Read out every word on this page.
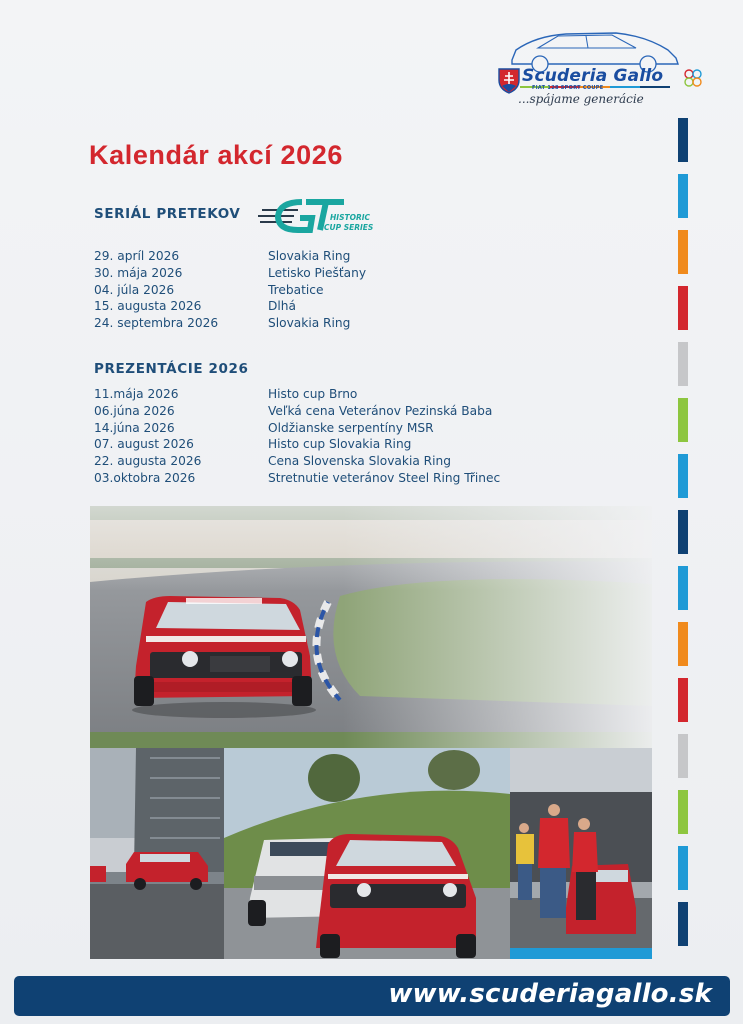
Scuderia Gallo
FIAT 128 SPORT COUPE
...spájame generácie
Kalendár akcí 2026
SERIÁL PRETEKOV	HISTORIC
CUP SERIES
29. apríl 2026	Slovakia Ring
30. mája 2026	Letisko Piešťany
04. júla 2026	Trebatice
15. augusta 2026	Dlhá
24. septembra 2026	Slovakia Ring
PREZENTÁCIE 2026
11.mája 2026	Histo cup Brno
06.júna 2026	Veľká cena Veteránov Pezinská Baba
14.júna 2026	Oldžianske serpentíny MSR
07. august 2026	Histo cup Slovakia Ring
22. augusta 2026	Cena Slovenska Slovakia Ring
03.oktobra 2026	Stretnutie veteránov Steel Ring Třinec
www.scuderiagallo.sk
